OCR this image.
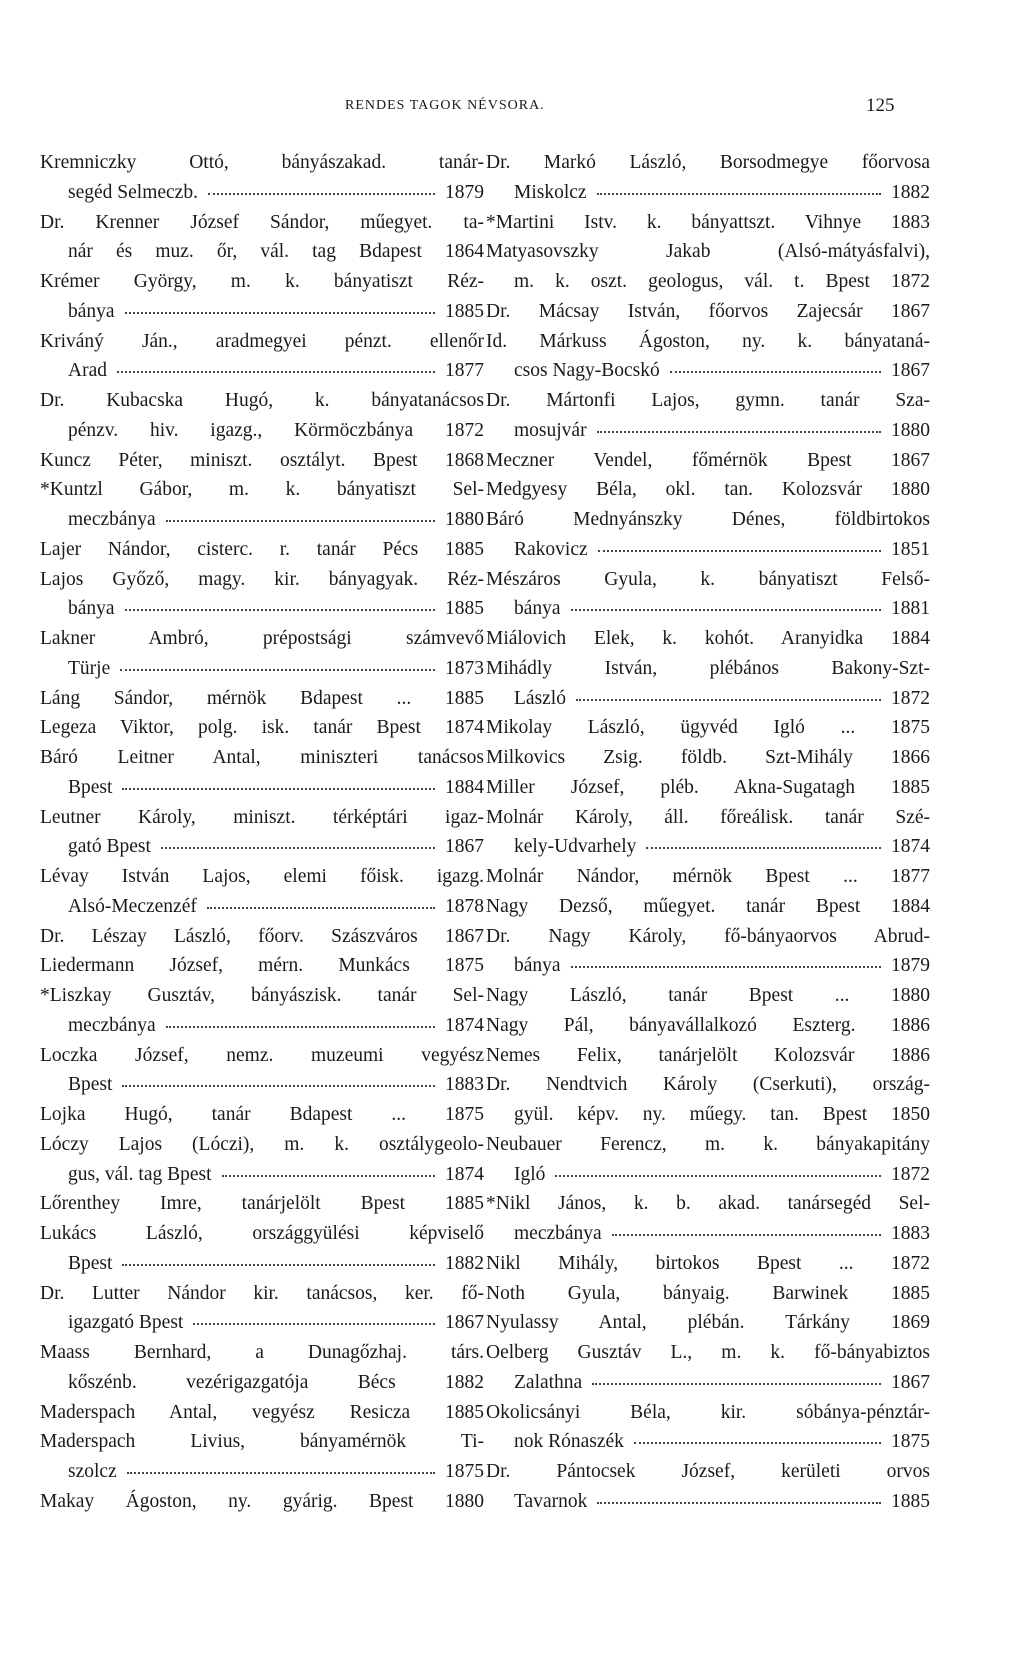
RENDES TAGOK NÉVSORA.	125
Kremniczky Ottó, bányászakad. tanár-
segéd Selmeczb.	1879
Dr. Krenner József Sándor, műegyet. ta-
nár és muz. őr, vál. tag Bdapest 1864
Krémer György, m. k. bányatiszt Réz-
bánya	1885
Kriváný Ján., aradmegyei pénzt. ellenőr
Arad	1877
Dr. Kubacska Hugó, k. bányatanácsos
pénzv. hiv. igazg., Körmöczbánya 1872
Kuncz Péter, miniszt. osztályt. Bpest 1868
*Kuntzl Gábor, m. k. bányatiszt Sel-
meczbánya	1880
Lajer Nándor, cisterc. r. tanár Pécs 1885
Lajos Győző, magy. kir. bányagyak. Réz-
bánya	1885
Lakner Ambró, prépostsági számvevő
Türje	1873
Láng Sándor, mérnök Bdapest ... 1885
Legeza Viktor, polg. isk. tanár Bpest 1874
Báró Leitner Antal, miniszteri tanácsos
Bpest	1884
Leutner Károly, miniszt. térképtári igaz-
gató Bpest	1867
Lévay István Lajos, elemi főisk. igazg.
Alsó-Meczenzéf	1878
Dr. Lészay László, főorv. Szászváros 1867
Liedermann József, mérn. Munkács 1875
*Liszkay Gusztáv, bányászisk. tanár Sel-
meczbánya	1874
Loczka József, nemz. muzeumi vegyész
Bpest	1883
Lojka Hugó, tanár Bdapest ... 1875
Lóczy Lajos (Lóczi), m. k. osztálygeolo-
gus, vál. tag Bpest	1874
Lőrenthey Imre, tanárjelölt Bpest 1885
Lukács László, országgyülési képviselő
Bpest	1882
Dr. Lutter Nándor kir. tanácsos, ker. fő-
igazgató Bpest	1867
Maass Bernhard, a Dunagőzhaj. társ.
kőszénb. vezérigazgatója Bécs 1882
Maderspach Antal, vegyész Resicza 1885
Maderspach Livius, bányamérnök Ti-
szolcz	1875
Makay Ágoston, ny. gyárig. Bpest 1880
Dr. Markó László, Borsodmegye főorvosa
Miskolcz	1882
*Martini Istv. k. bányattszt. Vihnye 1883
Matyasovszky Jakab (Alsó-mátyásfalvi),
m. k. oszt. geologus, vál. t. Bpest 1872
Dr. Mácsay István, főorvos Zajecsár 1867
Id. Márkuss Ágoston, ny. k. bányataná-
csos Nagy-Bocskó	1867
Dr. Mártonfi Lajos, gymn. tanár Sza-
mosujvár	1880
Meczner Vendel, főmérnök Bpest 1867
Medgyesy Béla, okl. tan. Kolozsvár 1880
Báró Mednyánszky Dénes, földbirtokos
Rakovicz	1851
Mészáros Gyula, k. bányatiszt Felső-
bánya	1881
Miálovich Elek, k. kohót. Aranyidka 1884
Mihádly István, plébános Bakony-Szt-
László	1872
Mikolay László, ügyvéd Igló ... 1875
Milkovics Zsig. földb. Szt-Mihály 1866
Miller József, pléb. Akna-Sugatagh 1885
Molnár Károly, áll. főreálisk. tanár Szé-
kely-Udvarhely	1874
Molnár Nándor, mérnök Bpest ... 1877
Nagy Dezső, műegyet. tanár Bpest 1884
Dr. Nagy Károly, fő-bányaorvos Abrud-
bánya	1879
Nagy László, tanár Bpest ... 1880
Nagy Pál, bányavállalkozó Eszterg. 1886
Nemes Felix, tanárjelölt Kolozsvár 1886
Dr. Nendtvich Károly (Cserkuti), ország-
gyül. képv. ny. műegy. tan. Bpest 1850
Neubauer Ferencz, m. k. bányakapitány
Igló	1872
*Nikl János, k. b. akad. tanársegéd Sel-
meczbánya	1883
Nikl Mihály, birtokos Bpest ... 1872
Noth Gyula, bányaig. Barwinek 1885
Nyulassy Antal, plébán. Tárkány 1869
Oelberg Gusztáv L., m. k. fő-bányabiztos
Zalathna	1867
Okolicsányi Béla, kir. sóbánya-pénztár-
nok Rónaszék	1875
Dr. Pántocsek József, kerületi orvos
Tavarnok	1885
